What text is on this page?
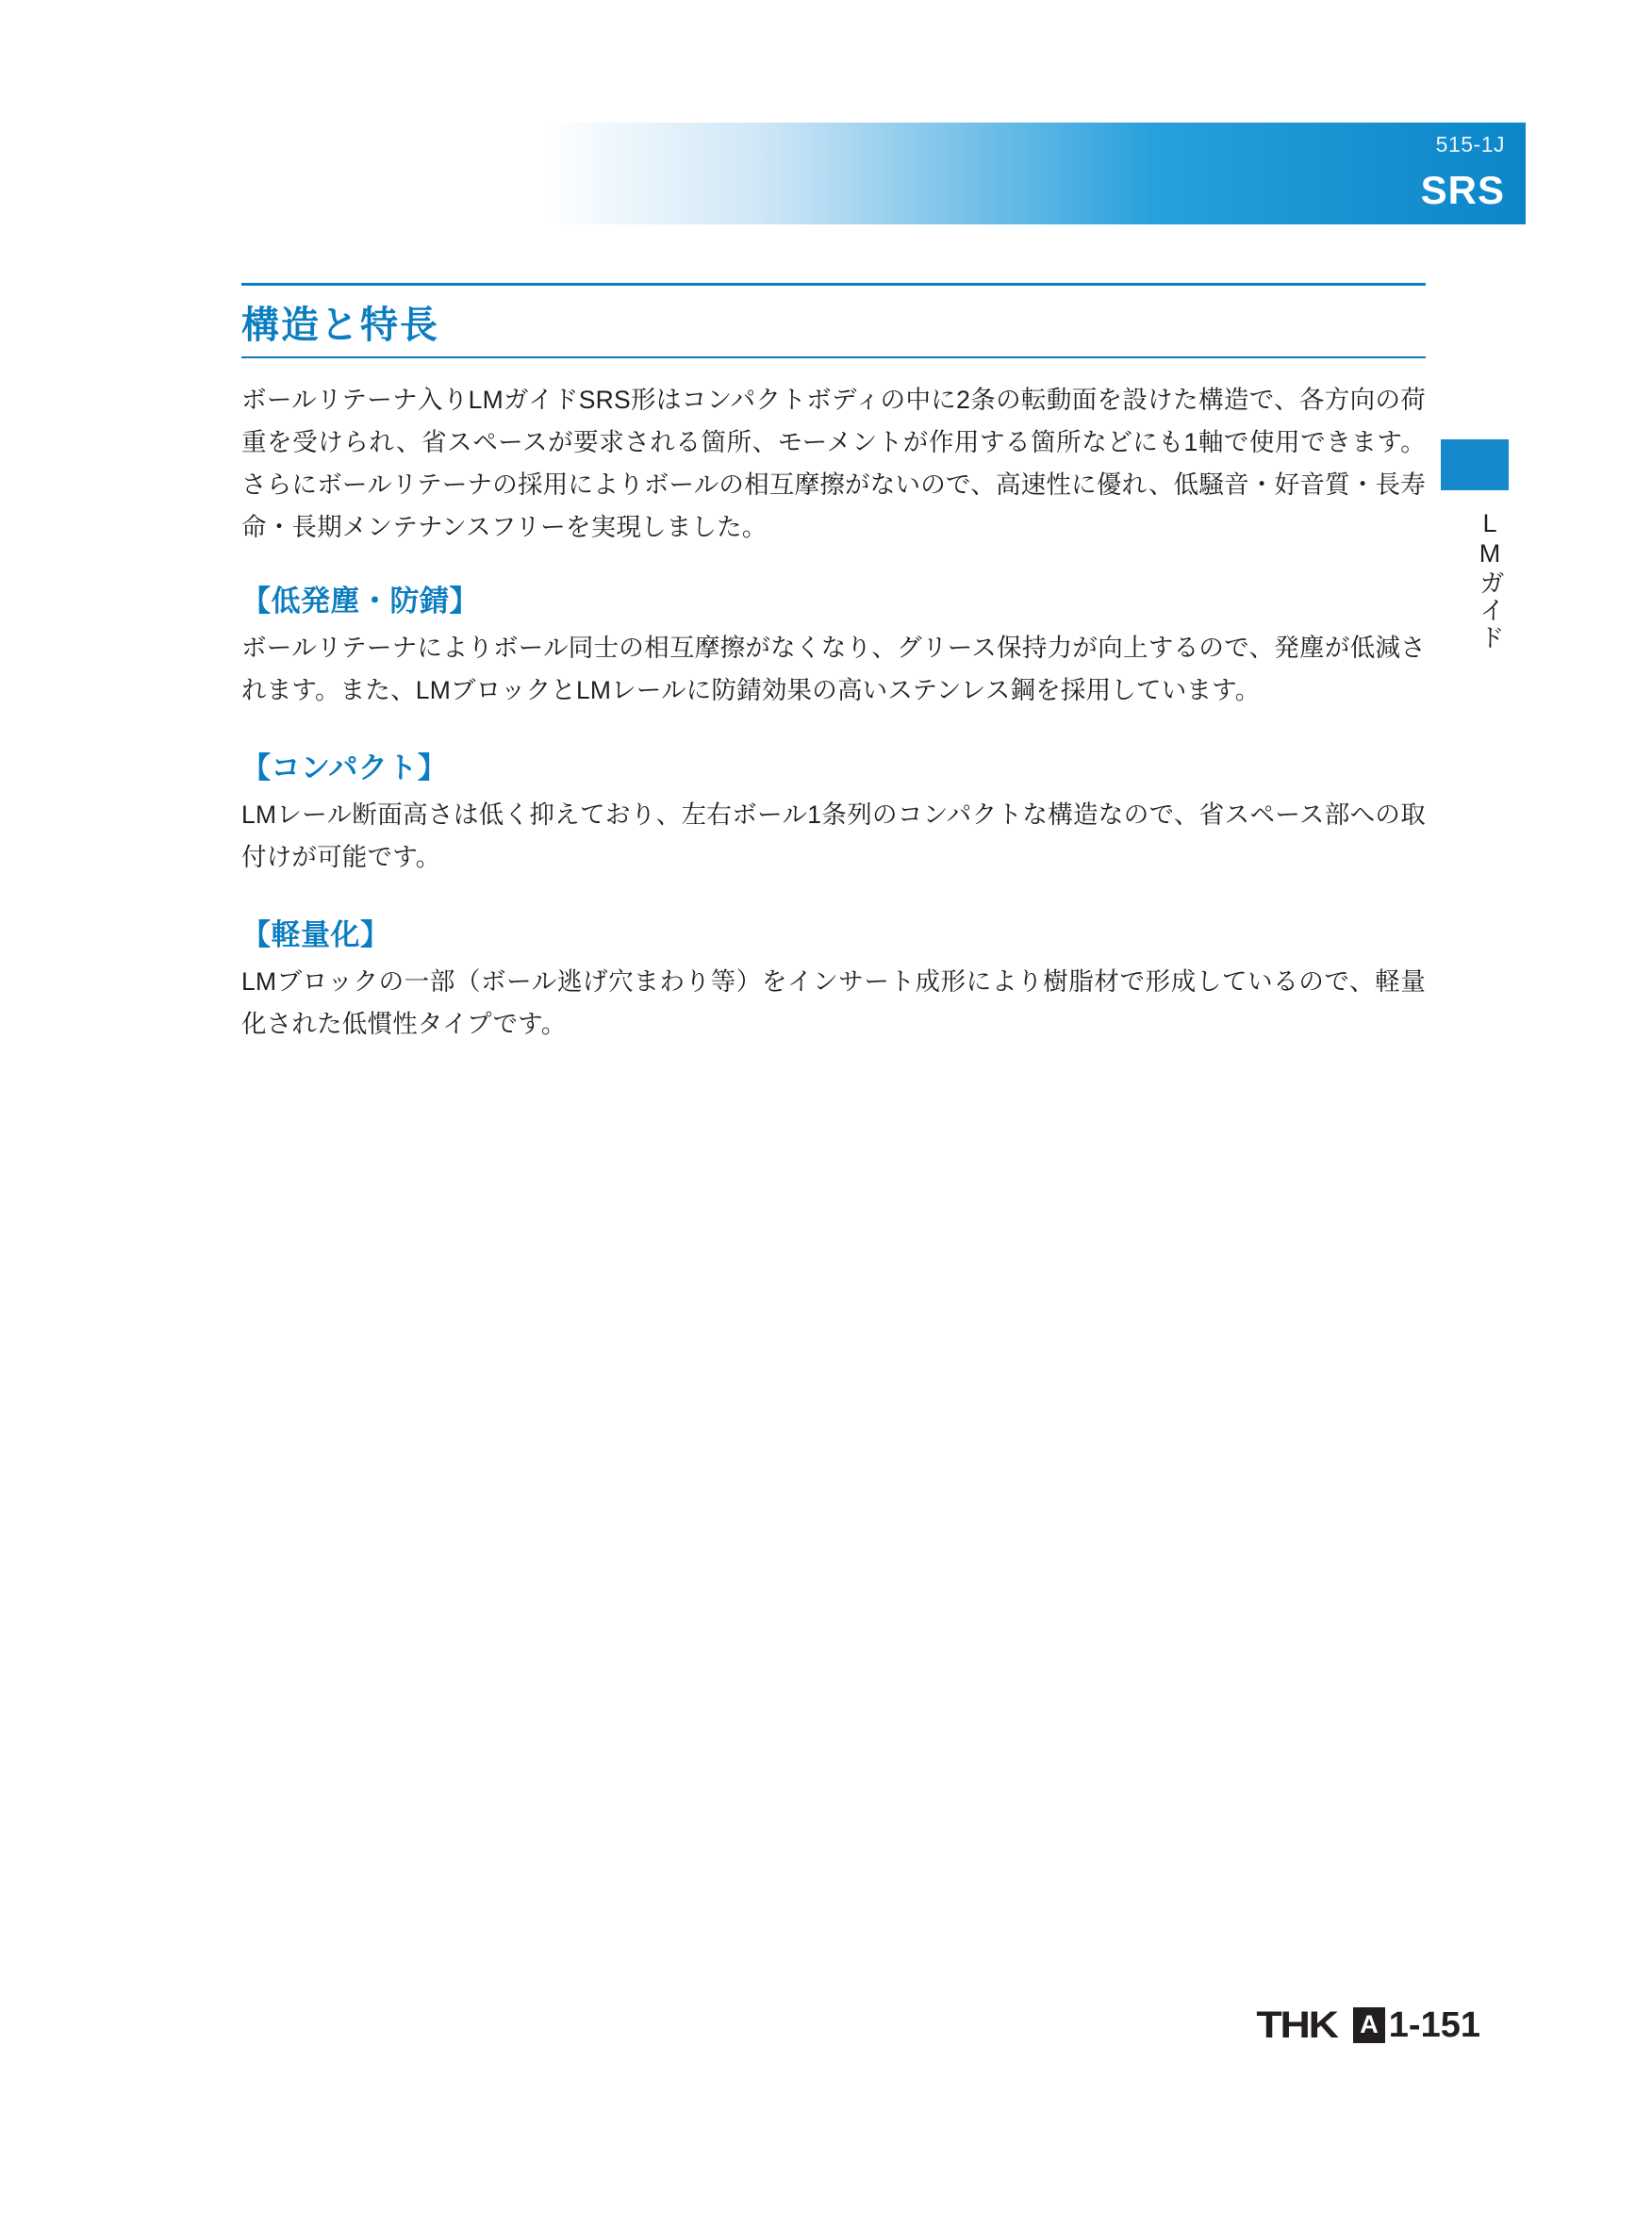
515-1J
SRS
LMガイド
構造と特長

ボールリテーナ入りLMガイドSRS形はコンパクトボディの中に2条の転動面を設けた構造で、各方向の荷重を受けられ、省スペースが要求される箇所、モーメントが作用する箇所などにも1軸で使用できます。さらにボールリテーナの採用によりボールの相互摩擦がないので、高速性に優れ、低騒音・好音質・長寿命・長期メンテナンスフリーを実現しました。

【低発塵・防錆】

ボールリテーナによりボール同士の相互摩擦がなくなり、グリース保持力が向上するので、発塵が低減されます。また、LMブロックとLMレールに防錆効果の高いステンレス鋼を採用しています。

【コンパクト】

LMレール断面高さは低く抑えており、左右ボール1条列のコンパクトな構造なので、省スペース部への取付けが可能です。

【軽量化】

LMブロックの一部（ボール逃げ穴まわり等）をインサート成形により樹脂材で形成しているので、軽量化された低慣性タイプです。

THK A 1-151
